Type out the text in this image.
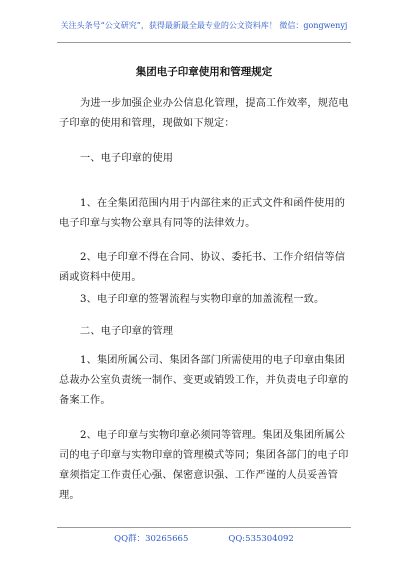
关注头条号“公文研究”，获得最新最全最专业的公文资料库！ 微信：gongwenyj
集团电子印章使用和管理规定
为进一步加强企业办公信息化管理，提高工作效率，规范电子印章的使用和管理，现做如下规定：
一、电子印章的使用
1、在全集团范围内用于内部往来的正式文件和函件使用的电子印章与实物公章具有同等的法律效力。
2、电子印章不得在合同、协议、委托书、工作介绍信等信函或资料中使用。
3、电子印章的签署流程与实物印章的加盖流程一致。
二、电子印章的管理
1、集团所属公司、集团各部门所需使用的电子印章由集团总裁办公室负责统一制作、变更或销毁工作，并负责电子印章的备案工作。
2、电子印章与实物印章必须同等管理。集团及集团所属公司的电子印章与实物印章的管理模式等同；集团各部门的电子印章须指定工作责任心强、保密意识强、工作严谨的人员妥善管理。
QQ群：30265665	QQ:535304092
